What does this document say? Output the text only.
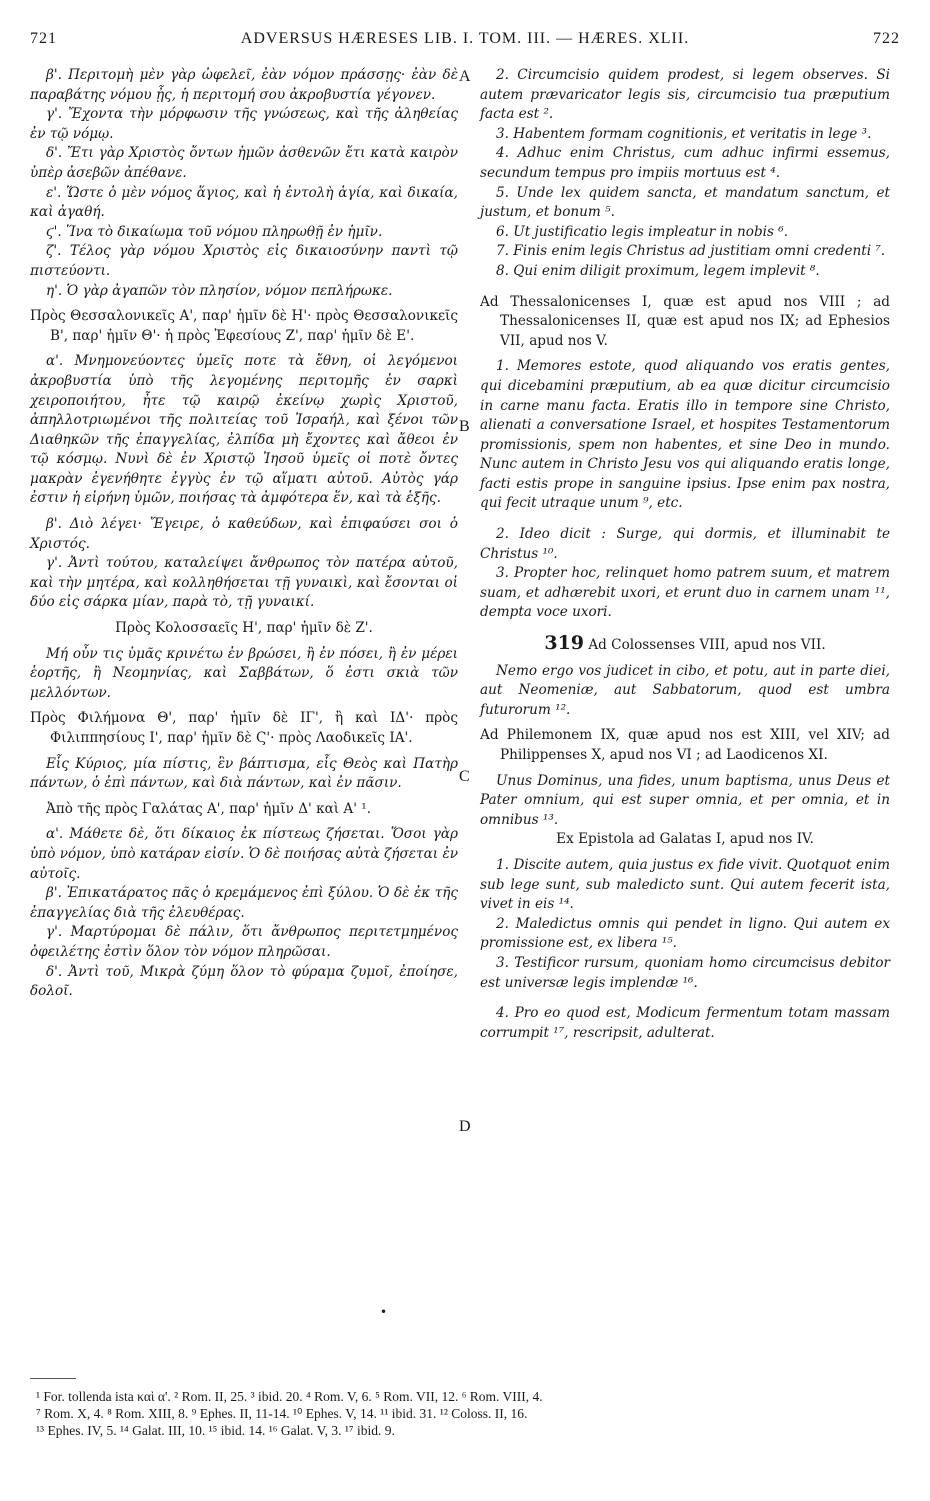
721	ADVERSUS HÆRESES LIB. I. TOM. III. — HÆRES. XLII.	722

β'. Περιτομὴ μὲν γὰρ ὠφελεῖ, ἐὰν νόμον πράσσῃς· ἐὰν δὲ παραβάτης νόμου ᾖς, ἡ περιτομή σου ἀκροβυστία γέγονεν.

γ'. Ἔχοντα τὴν μόρφωσιν τῆς γνώσεως, καὶ τῆς ἀληθείας ἐν τῷ νόμῳ.

δ'. Ἔτι γὰρ Χριστὸς ὄντων ἡμῶν ἀσθενῶν ἔτι κατὰ καιρὸν ὑπὲρ ἀσεβῶν ἀπέθανε.

ε'. Ὥστε ὁ μὲν νόμος ἅγιος, καὶ ἡ ἐντολὴ ἁγία, καὶ δικαία, καὶ ἀγαθή.

ϛ'. Ἵνα τὸ δικαίωμα τοῦ νόμου πληρωθῇ ἐν ἡμῖν.

ζ'. Τέλος γὰρ νόμου Χριστὸς εἰς δικαιοσύνην παντὶ τῷ πιστεύοντι.

η'. Ὁ γὰρ ἀγαπῶν τὸν πλησίον, νόμον πεπλήρωκε.

Πρὸς Θεσσαλονικεῖς Α', παρ' ἡμῖν δὲ Η'· πρὸς Θεσσαλονικεῖς Β', παρ' ἡμῖν Θ'· ἡ πρὸς Ἐφεσίους Ζ', παρ' ἡμῖν δὲ Ε'.

α'. Μνημονεύοντες ὑμεῖς ποτε τὰ ἔθνη, οἱ λεγόμενοι ἀκροβυστία ὑπὸ τῆς λεγομένης περιτομῆς ἐν σαρκὶ χειροποιήτου, ἦτε τῷ καιρῷ ἐκείνῳ χωρὶς Χριστοῦ, ἀπηλλοτριωμένοι τῆς πολιτείας τοῦ Ἰσραήλ, καὶ ξένοι τῶν Διαθηκῶν τῆς ἐπαγγελίας, ἐλπίδα μὴ ἔχοντες καὶ ἄθεοι ἐν τῷ κόσμῳ. Νυνὶ δὲ ἐν Χριστῷ Ἰησοῦ ὑμεῖς οἱ ποτὲ ὄντες μακρὰν ἐγενήθητε ἐγγὺς ἐν τῷ αἵματι αὐτοῦ. Αὐτὸς γάρ ἐστιν ἡ εἰρήνη ὑμῶν, ποιήσας τὰ ἀμφότερα ἕν, καὶ τὰ ἑξῆς.

β'. Διὸ λέγει· Ἔγειρε, ὁ καθεύδων, καὶ ἐπιφαύσει σοι ὁ Χριστός.

γ'. Ἀντὶ τούτου, καταλείψει ἄνθρωπος τὸν πατέρα αὐτοῦ, καὶ τὴν μητέρα, καὶ κολληθήσεται τῇ γυναικὶ, καὶ ἔσονται οἱ δύο εἰς σάρκα μίαν, παρὰ τὸ, τῇ γυναικί.

Πρὸς Κολοσσαεῖς Η', παρ' ἡμῖν δὲ Ζ'.

Μή οὖν τις ὑμᾶς κρινέτω ἐν βρώσει, ἢ ἐν πόσει, ἢ ἐν μέρει ἑορτῆς, ἢ Νεομηνίας, καὶ Σαββάτων, ὅ ἐστι σκιὰ τῶν μελλόντων.

Πρὸς Φιλήμονα Θ', παρ' ἡμῖν δὲ ΙΓ', ἢ καὶ ΙΔ'· πρὸς Φιλιππησίους Ι', παρ' ἡμῖν δὲ Ϛ'· πρὸς Λαοδικεῖς ΙΑ'.

Εἷς Κύριος, μία πίστις, ἓν βάπτισμα, εἷς Θεὸς καὶ Πατὴρ πάντων, ὁ ἐπὶ πάντων, καὶ διὰ πάντων, καὶ ἐν πᾶσιν.

Ἀπὸ τῆς πρὸς Γαλάτας Α', παρ' ἡμῖν Δ' καὶ Α' ¹.

α'. Μάθετε δὲ, ὅτι δίκαιος ἐκ πίστεως ζήσεται. Ὅσοι γὰρ ὑπὸ νόμον, ὑπὸ κατάραν εἰσίν. Ὁ δὲ ποιήσας αὐτὰ ζήσεται ἐν αὐτοῖς.

β'. Ἐπικατάρατος πᾶς ὁ κρεμάμενος ἐπὶ ξύλου. Ὁ δὲ ἐκ τῆς ἐπαγγελίας διὰ τῆς ἐλευθέρας.

γ'. Μαρτύρομαι δὲ πάλιν, ὅτι ἄνθρωπος περιτετμημένος ὀφειλέτης ἐστὶν ὅλον τὸν νόμον πληρῶσαι.

δ'. Ἀντὶ τοῦ, Μικρὰ ζύμη ὅλον τὸ φύραμα ζυμοῖ, ἐποίησε, δολοῖ.

A
B
C
D
•

2. Circumcisio quidem prodest, si legem observes. Si autem prævaricator legis sis, circumcisio tua præputium facta est ².

3. Habentem formam cognitionis, et veritatis in lege ³.

4. Adhuc enim Christus, cum adhuc infirmi essemus, secundum tempus pro impiis mortuus est ⁴.

5. Unde lex quidem sancta, et mandatum sanctum, et justum, et bonum ⁵.

6. Ut justificatio legis impleatur in nobis ⁶.

7. Finis enim legis Christus ad justitiam omni credenti ⁷.

8. Qui enim diligit proximum, legem implevit ⁸.

Ad Thessalonicenses I, quæ est apud nos VIII ; ad Thessalonicenses II, quæ est apud nos IX; ad Ephesios VII, apud nos V.

1. Memores estote, quod aliquando vos eratis gentes, qui dicebamini præputium, ab ea quæ dicitur circumcisio in carne manu facta. Eratis illo in tempore sine Christo, alienati a conversatione Israel, et hospites Testamentorum promissionis, spem non habentes, et sine Deo in mundo. Nunc autem in Christo Jesu vos qui aliquando eratis longe, facti estis prope in sanguine ipsius. Ipse enim pax nostra, qui fecit utraque unum ⁹, etc.

2. Ideo dicit : Surge, qui dormis, et illuminabit te Christus ¹⁰.

3. Propter hoc, relinquet homo patrem suum, et matrem suam, et adhærebit uxori, et erunt duo in carnem unam ¹¹, dempta voce uxori.

319 Ad Colossenses VIII, apud nos VII.

Nemo ergo vos judicet in cibo, et potu, aut in parte diei, aut Neomeniæ, aut Sabbatorum, quod est umbra futurorum ¹².

Ad Philemonem IX, quæ apud nos est XIII, vel XIV; ad Philippenses X, apud nos VI ; ad Laodicenos XI.

Unus Dominus, una fides, unum baptisma, unus Deus et Pater omnium, qui est super omnia, et per omnia, et in omnibus ¹³.

Ex Epistola ad Galatas I, apud nos IV.

1. Discite autem, quia justus ex fide vivit. Quotquot enim sub lege sunt, sub maledicto sunt. Qui autem fecerit ista, vivet in eis ¹⁴.

2. Maledictus omnis qui pendet in ligno. Qui autem ex promissione est, ex libera ¹⁵.

3. Testificor rursum, quoniam homo circumcisus debitor est universæ legis implendæ ¹⁶.

4. Pro eo quod est, Modicum fermentum totam massam corrumpit ¹⁷, rescripsit, adulterat.

¹ For. tollenda ista καὶ α'. ² Rom. II, 25. ³ ibid. 20. ⁴ Rom. V, 6. ⁵ Rom. VII, 12. ⁶ Rom. VIII, 4.
⁷ Rom. X, 4. ⁸ Rom. XIII, 8. ⁹ Ephes. II, 11-14. ¹⁰ Ephes. V, 14. ¹¹ ibid. 31. ¹² Coloss. II, 16.
¹³ Ephes. IV, 5. ¹⁴ Galat. III, 10. ¹⁵ ibid. 14. ¹⁶ Galat. V, 3. ¹⁷ ibid. 9.
